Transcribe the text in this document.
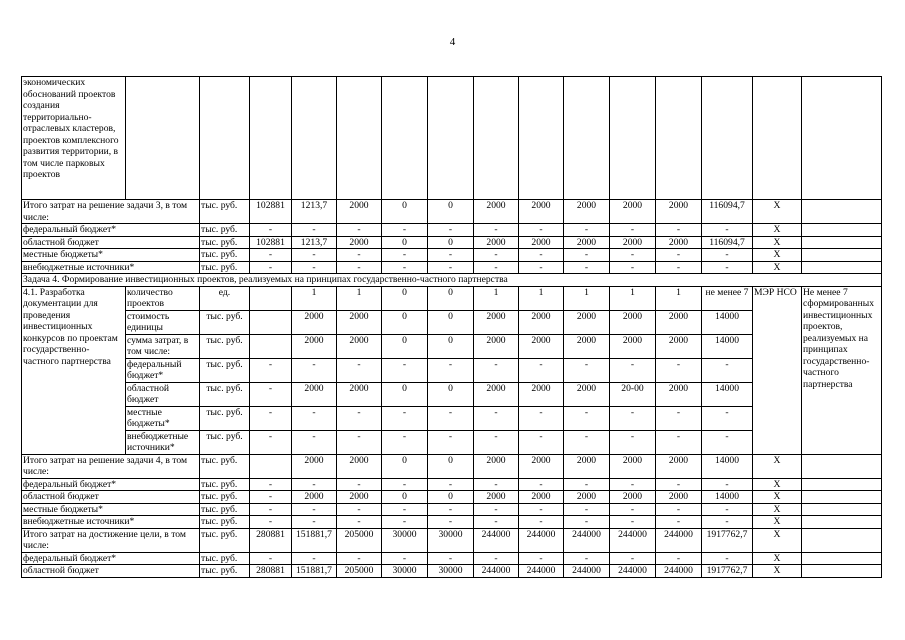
4
экономических обоснований проектов создания территориально-отраслевых кластеров, проектов комплексного развития территории, в том числе парковых проектов															
Итого затрат на решение задачи 3, в том числе:		тыс. руб.	102881	1213,7	2000	0	0	2000	2000	2000	2000	2000	116094,7	Х	
федеральный бюджет*		тыс. руб.	-	-	-	-	-	-	-	-	-	-	-	Х	
областной бюджет		тыс. руб.	102881	1213,7	2000	0	0	2000	2000	2000	2000	2000	116094,7	Х	
местные бюджеты*		тыс. руб.	-	-	-	-	-	-	-	-	-	-	-	Х	
внебюджетные источники*		тыс. руб.	-	-	-	-	-	-	-	-	-	-	-	Х	
Задача 4. Формирование инвестиционных проектов, реализуемых на принципах государственно-частного партнерства															
4.1. Разработка документации для проведения инвестиционных конкурсов по проектам государственно-частного партнерства	количество проектов	ед.		1	1	0	0	1	1	1	1	1	не менее 7	МЭР НСО	Не менее 7 сформированных инвестиционных проектов, реализуемых на принципах государственно-частного партнерства
	стоимость единицы	тыс. руб.		2000	2000	0	0	2000	2000	2000	2000	2000	14000		
	сумма затрат, в том числе:	тыс. руб.		2000	2000	0	0	2000	2000	2000	2000	2000	14000		
	федеральный бюджет*	тыс. руб.	-	-	-	-	-	-	-	-	-	-	-		
	областной бюджет	тыс. руб.	-	2000	2000	0	0	2000	2000	2000	20-00	2000	14000		
	местные бюджеты*	тыс. руб.	-	-	-	-	-	-	-	-	-	-	-		
	внебюджетные источники*	тыс. руб.	-	-	-	-	-	-	-	-	-	-	-		
Итого затрат на решение задачи 4, в том числе:		тыс. руб.		2000	2000	0	0	2000	2000	2000	2000	2000	14000	Х	
федеральный бюджет*		тыс. руб.	-	-	-	-	-	-	-	-	-	-	-	Х	
областной бюджет		тыс. руб.	-	2000	2000	0	0	2000	2000	2000	2000	2000	14000	Х	
местные бюджеты*		тыс. руб.	-	-	-	-	-	-	-	-	-	-	-	Х	
внебюджетные источники*		тыс. руб.	-	-	-	-	-	-	-	-	-	-	-	Х	
Итого затрат на достижение цели, в том числе:		тыс. руб.	280881	151881,7	205000	30000	30000	244000	244000	244000	244000	244000	1917762,7	Х	
федеральный бюджет*		тыс. руб.	-	-	-	-	-	-	-	-	-	-	-	Х	
областной бюджет		тыс. руб.	280881	151881,7	205000	30000	30000	244000	244000	244000	244000	244000	1917762,7	Х	
